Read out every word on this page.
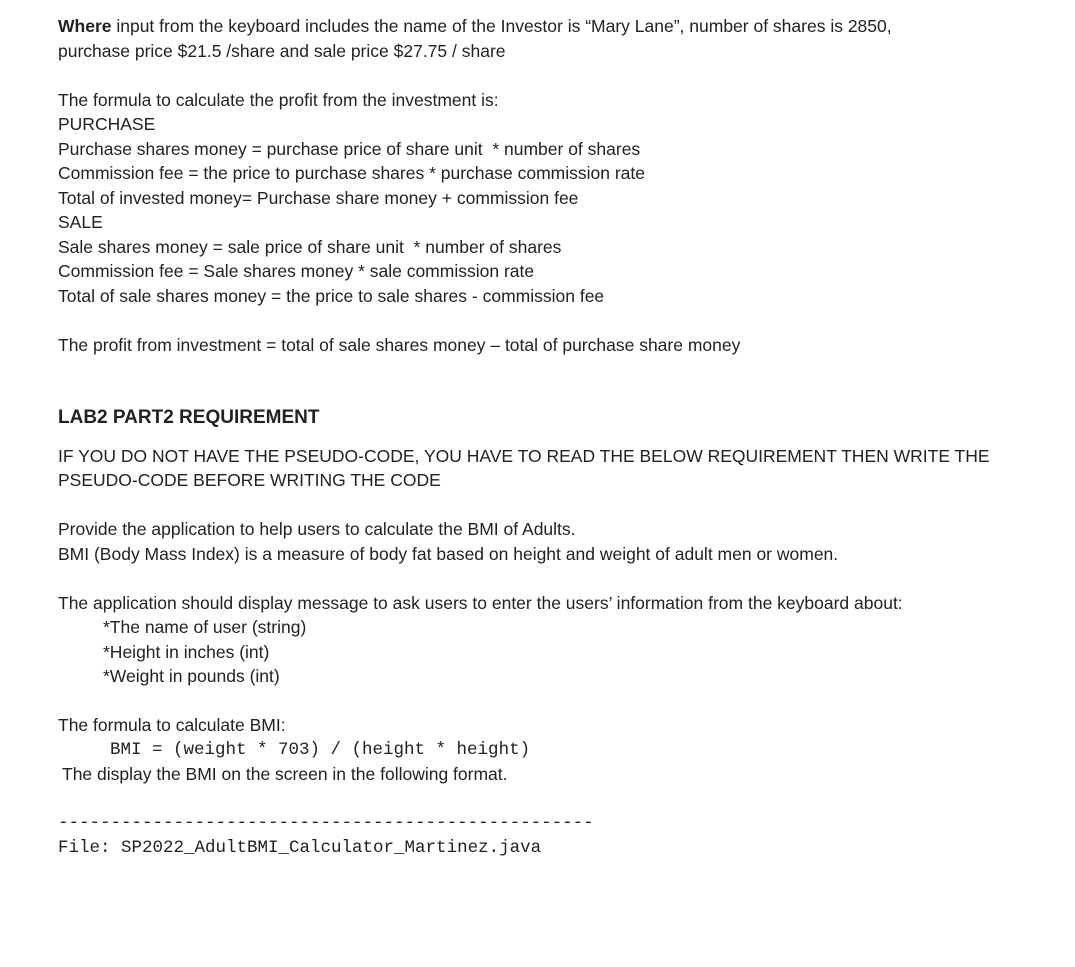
Where input from the keyboard includes the name of the Investor is “Mary Lane”, number of shares is 2850,

purchase price $21.5 /share and sale price $27.75 / share

The formula to calculate the profit from the investment is:

PURCHASE

Purchase shares money = purchase price of share unit  * number of shares

Commission fee = the price to purchase shares * purchase commission rate

Total of invested money= Purchase share money + commission fee

SALE

Sale shares money = sale price of share unit  * number of shares

Commission fee = Sale shares money * sale commission rate

Total of sale shares money = the price to sale shares - commission fee

The profit from investment = total of sale shares money – total of purchase share money

LAB2 PART2 REQUIREMENT

IF YOU DO NOT HAVE THE PSEUDO-CODE, YOU HAVE TO READ THE BELOW REQUIREMENT THEN WRITE THE

PSEUDO-CODE BEFORE WRITING THE CODE

Provide the application to help users to calculate the BMI of Adults.

BMI (Body Mass Index) is a measure of body fat based on height and weight of adult men or women.

The application should display message to ask users to enter the users’ information from the keyboard about:

*The name of user (string)

*Height in inches (int)

*Weight in pounds (int)

The formula to calculate BMI:

BMI = (weight * 703) / (height * height)

The display the BMI on the screen in the following format.

---------------------------------------------------

File: SP2022_AdultBMI_Calculator_Martinez.java
